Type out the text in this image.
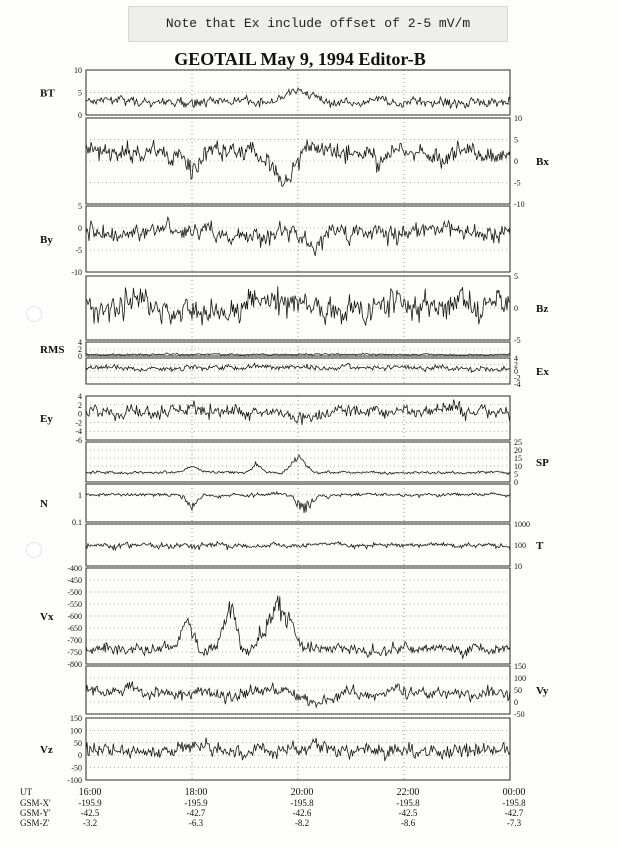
Note that Ex include offset of 2-5 mV/m
GEOTAIL May 9, 1994 Editor-B
10
5
0
BT
10
5
0
-5
-10
Bx
5
0
-5
-10
By
5
0
-5
Bz
4
2
0
RMS
4
2
0
-2
-4
Ex
4
2
0
-2
-4
-6
Ey
25
20
15
10
5
0
SP
1
0.1
N
1000
100
10
T
-400
-450
-500
-550
-600
-650
-700
-750
-800
Vx
150
100
50
0
-50
Vy
150
100
50
0
-50
-100
Vz
UT
GSM-X'
GSM-Y'
GSM-Z'
16:00
-195.9
-42.5
-3.2
18:00
-195.9
-42.7
-6.3
20:00
-195.8
-42.6
-8.2
22:00
-195.8
-42.5
-8.6
00:00
-195.8
-42.7
-7.3
